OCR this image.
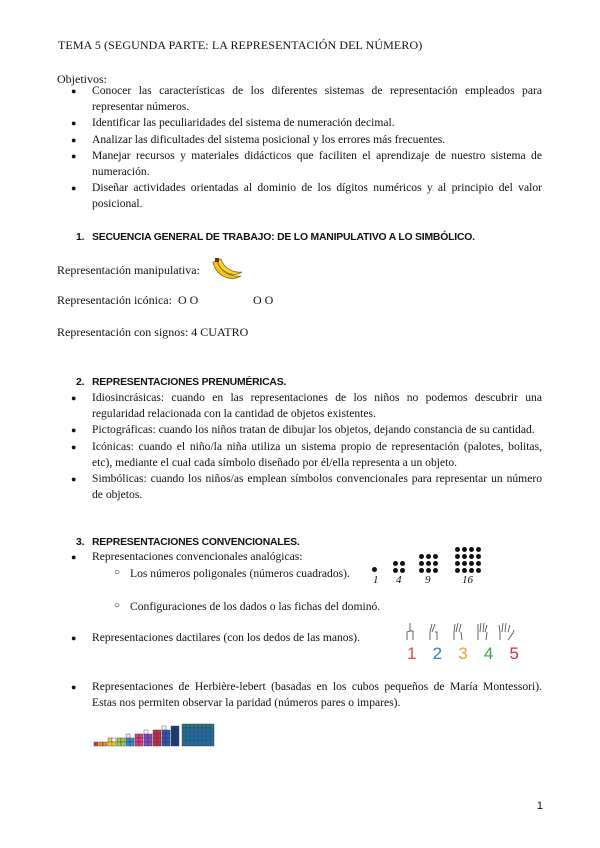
TEMA 5 (SEGUNDA PARTE: LA REPRESENTACIÓN DEL NÚMERO)
Objetivos:
● Conocer las características de los diferentes sistemas de representación empleados para representar números.
● Identificar las peculiaridades del sistema de numeración decimal.
● Analizar las dificultades del sistema posicional y los errores más frecuentes.
● Manejar recursos y materiales didácticos que faciliten el aprendizaje de nuestro sistema de numeración.
● Diseñar actividades orientadas al dominio de los dígitos numéricos y al principio del valor posicional.
1. SECUENCIA GENERAL DE TRABAJO: DE LO MANIPULATIVO A LO SIMBÓLICO.
Representación manipulativa:
Representación icónica: O O	O O
Representación con signos: 4 CUATRO
2. REPRESENTACIONES PRENUMÉRICAS.
● Idiosincrásicas: cuando en las representaciones de los niños no podemos descubrir una regularidad relacionada con la cantidad de objetos existentes.
● Pictográficas: cuando los niños tratan de dibujar los objetos, dejando constancia de su cantidad.
● Icónicas: cuando el niño/la niña utiliza un sistema propio de representación (palotes, bolitas, etc), mediante el cual cada símbolo diseñado por él/ella representa a un objeto.
● Simbólicas: cuando los niños/as emplean símbolos convencionales para representar un número de objetos.
3. REPRESENTACIONES CONVENCIONALES.
● Representaciones convencionales analógicas:
○ Los números poligonales (números cuadrados). 1 4 9	16
○ Configuraciones de los dados o las fichas del dominó.
● Representaciones dactilares (con los dedos de las manos).
1 2 3 4 5
● Representaciones de Herbière-lebert (basadas en los cubos pequeños de María Montessori). Estas nos permiten observar la paridad (números pares o impares).
1
